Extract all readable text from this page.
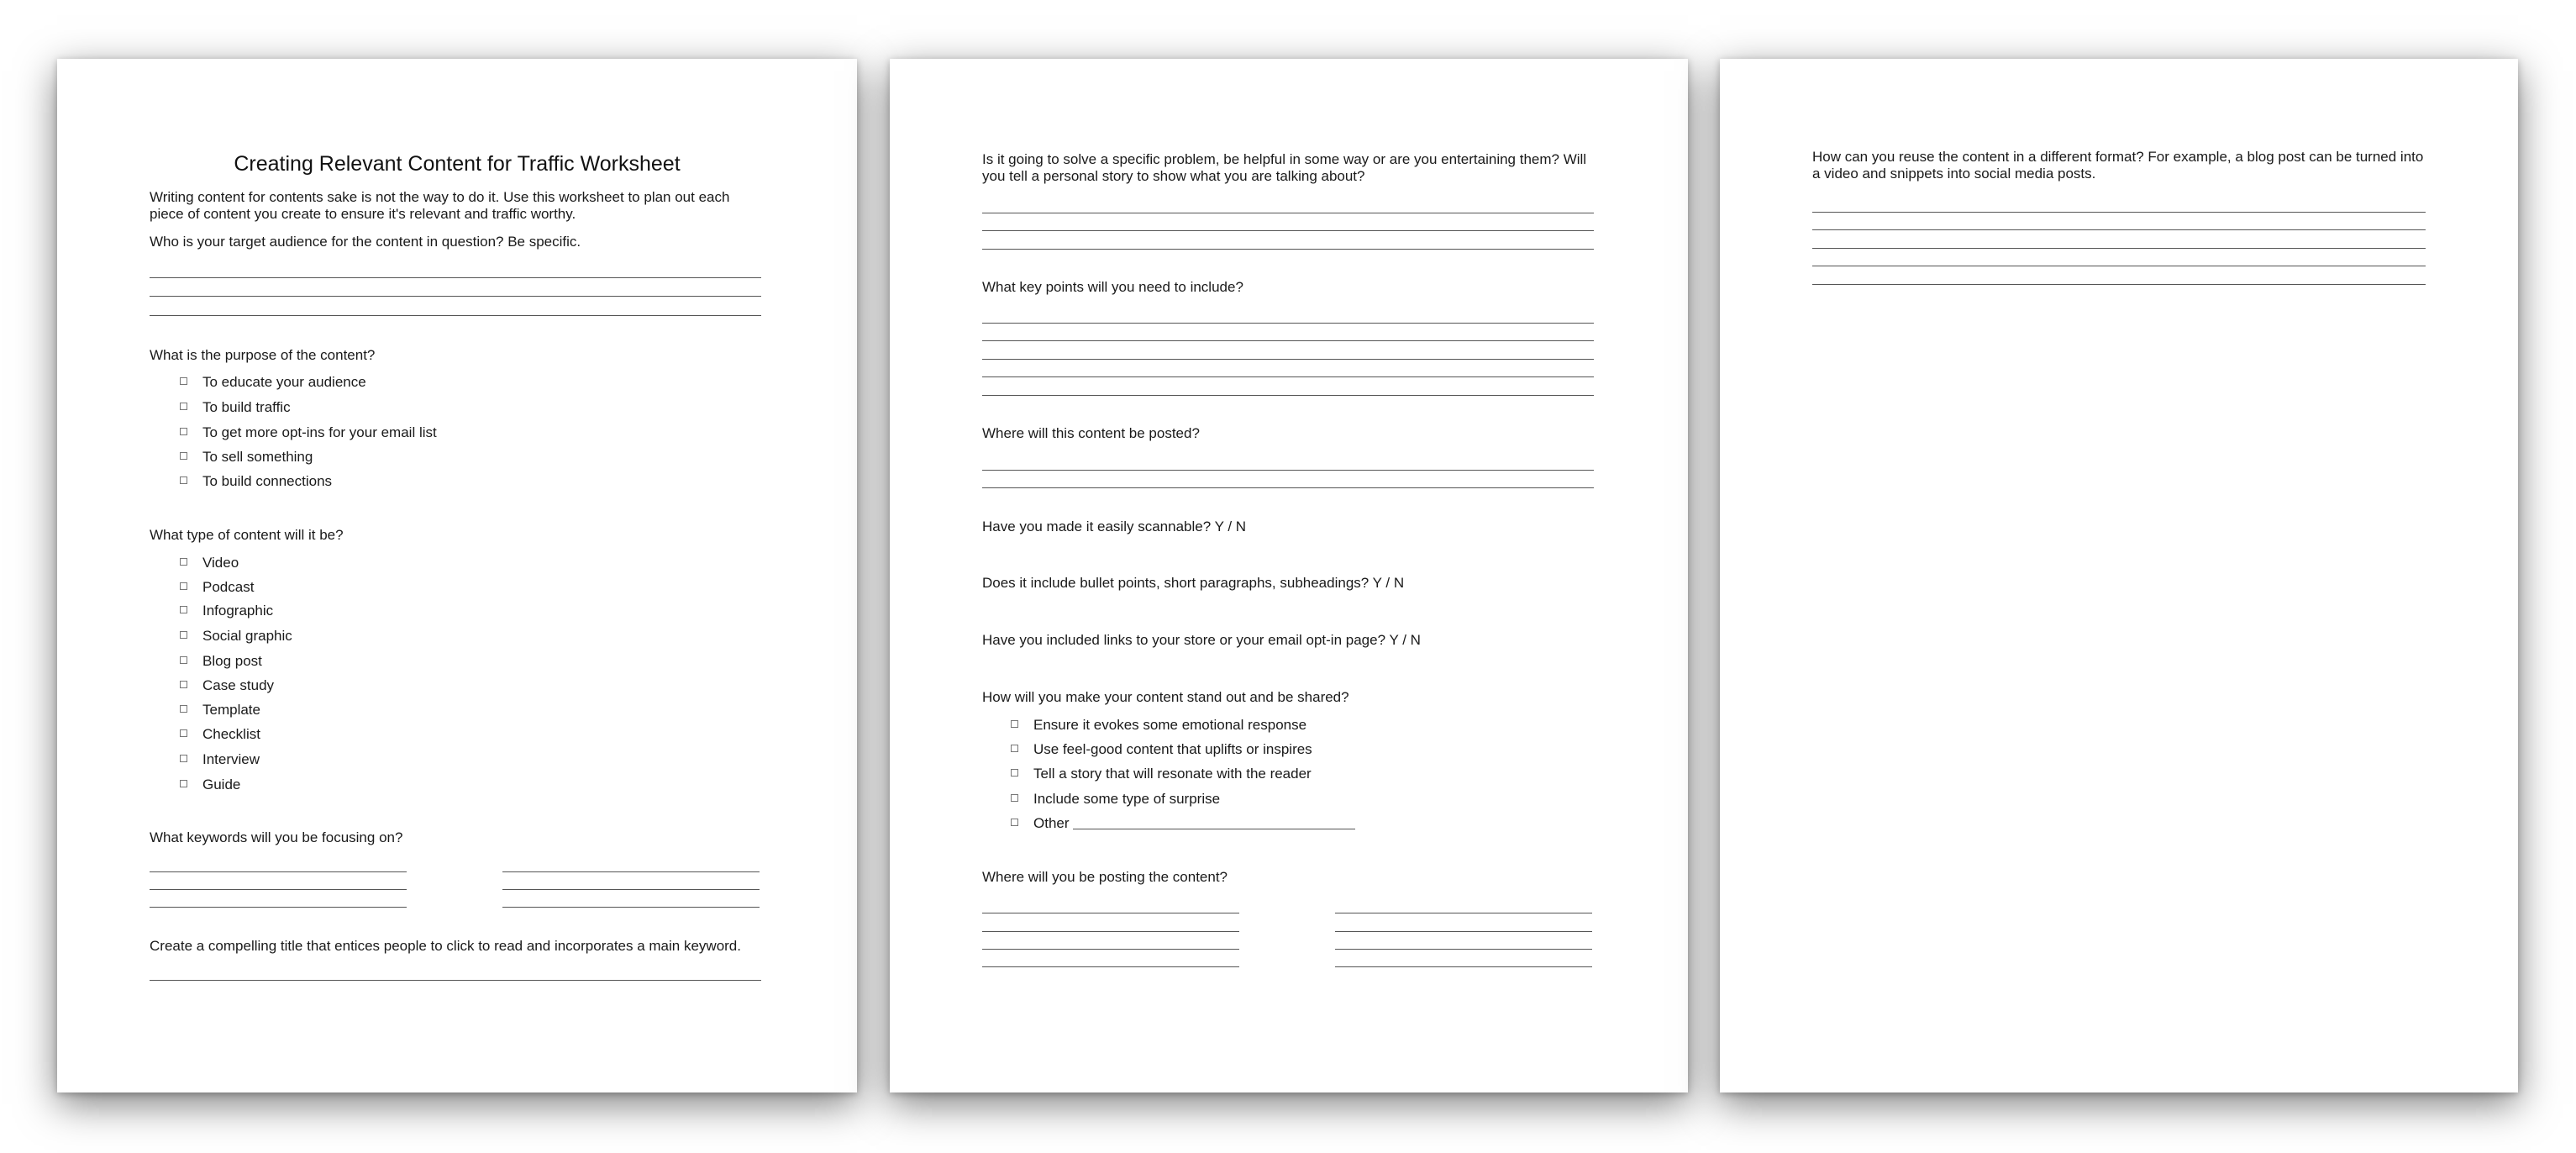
Creating Relevant Content for Traffic Worksheet
Writing content for contents sake is not the way to do it. Use this worksheet to plan out each piece of content you create to ensure it's relevant and traffic worthy.
Who is your target audience for the content in question? Be specific.
What is the purpose of the content?
To educate your audience
To build traffic
To get more opt-ins for your email list
To sell something
To build connections
What type of content will it be?
Video
Podcast
Infographic
Social graphic
Blog post
Case study
Template
Checklist
Interview
Guide
What keywords will you be focusing on?
Create a compelling title that entices people to click to read and incorporates a main keyword.
Is it going to solve a specific problem, be helpful in some way or are you entertaining them? Will you tell a personal story to show what you are talking about?
What key points will you need to include?
Where will this content be posted?
Have you made it easily scannable? Y / N
Does it include bullet points, short paragraphs, subheadings? Y / N
Have you included links to your store or your email opt-in page? Y / N
How will you make your content stand out and be shared?
Ensure it evokes some emotional response
Use feel-good content that uplifts or inspires
Tell a story that will resonate with the reader
Include some type of surprise
Other
Where will you be posting the content?
How can you reuse the content in a different format? For example, a blog post can be turned into a video and snippets into social media posts.
